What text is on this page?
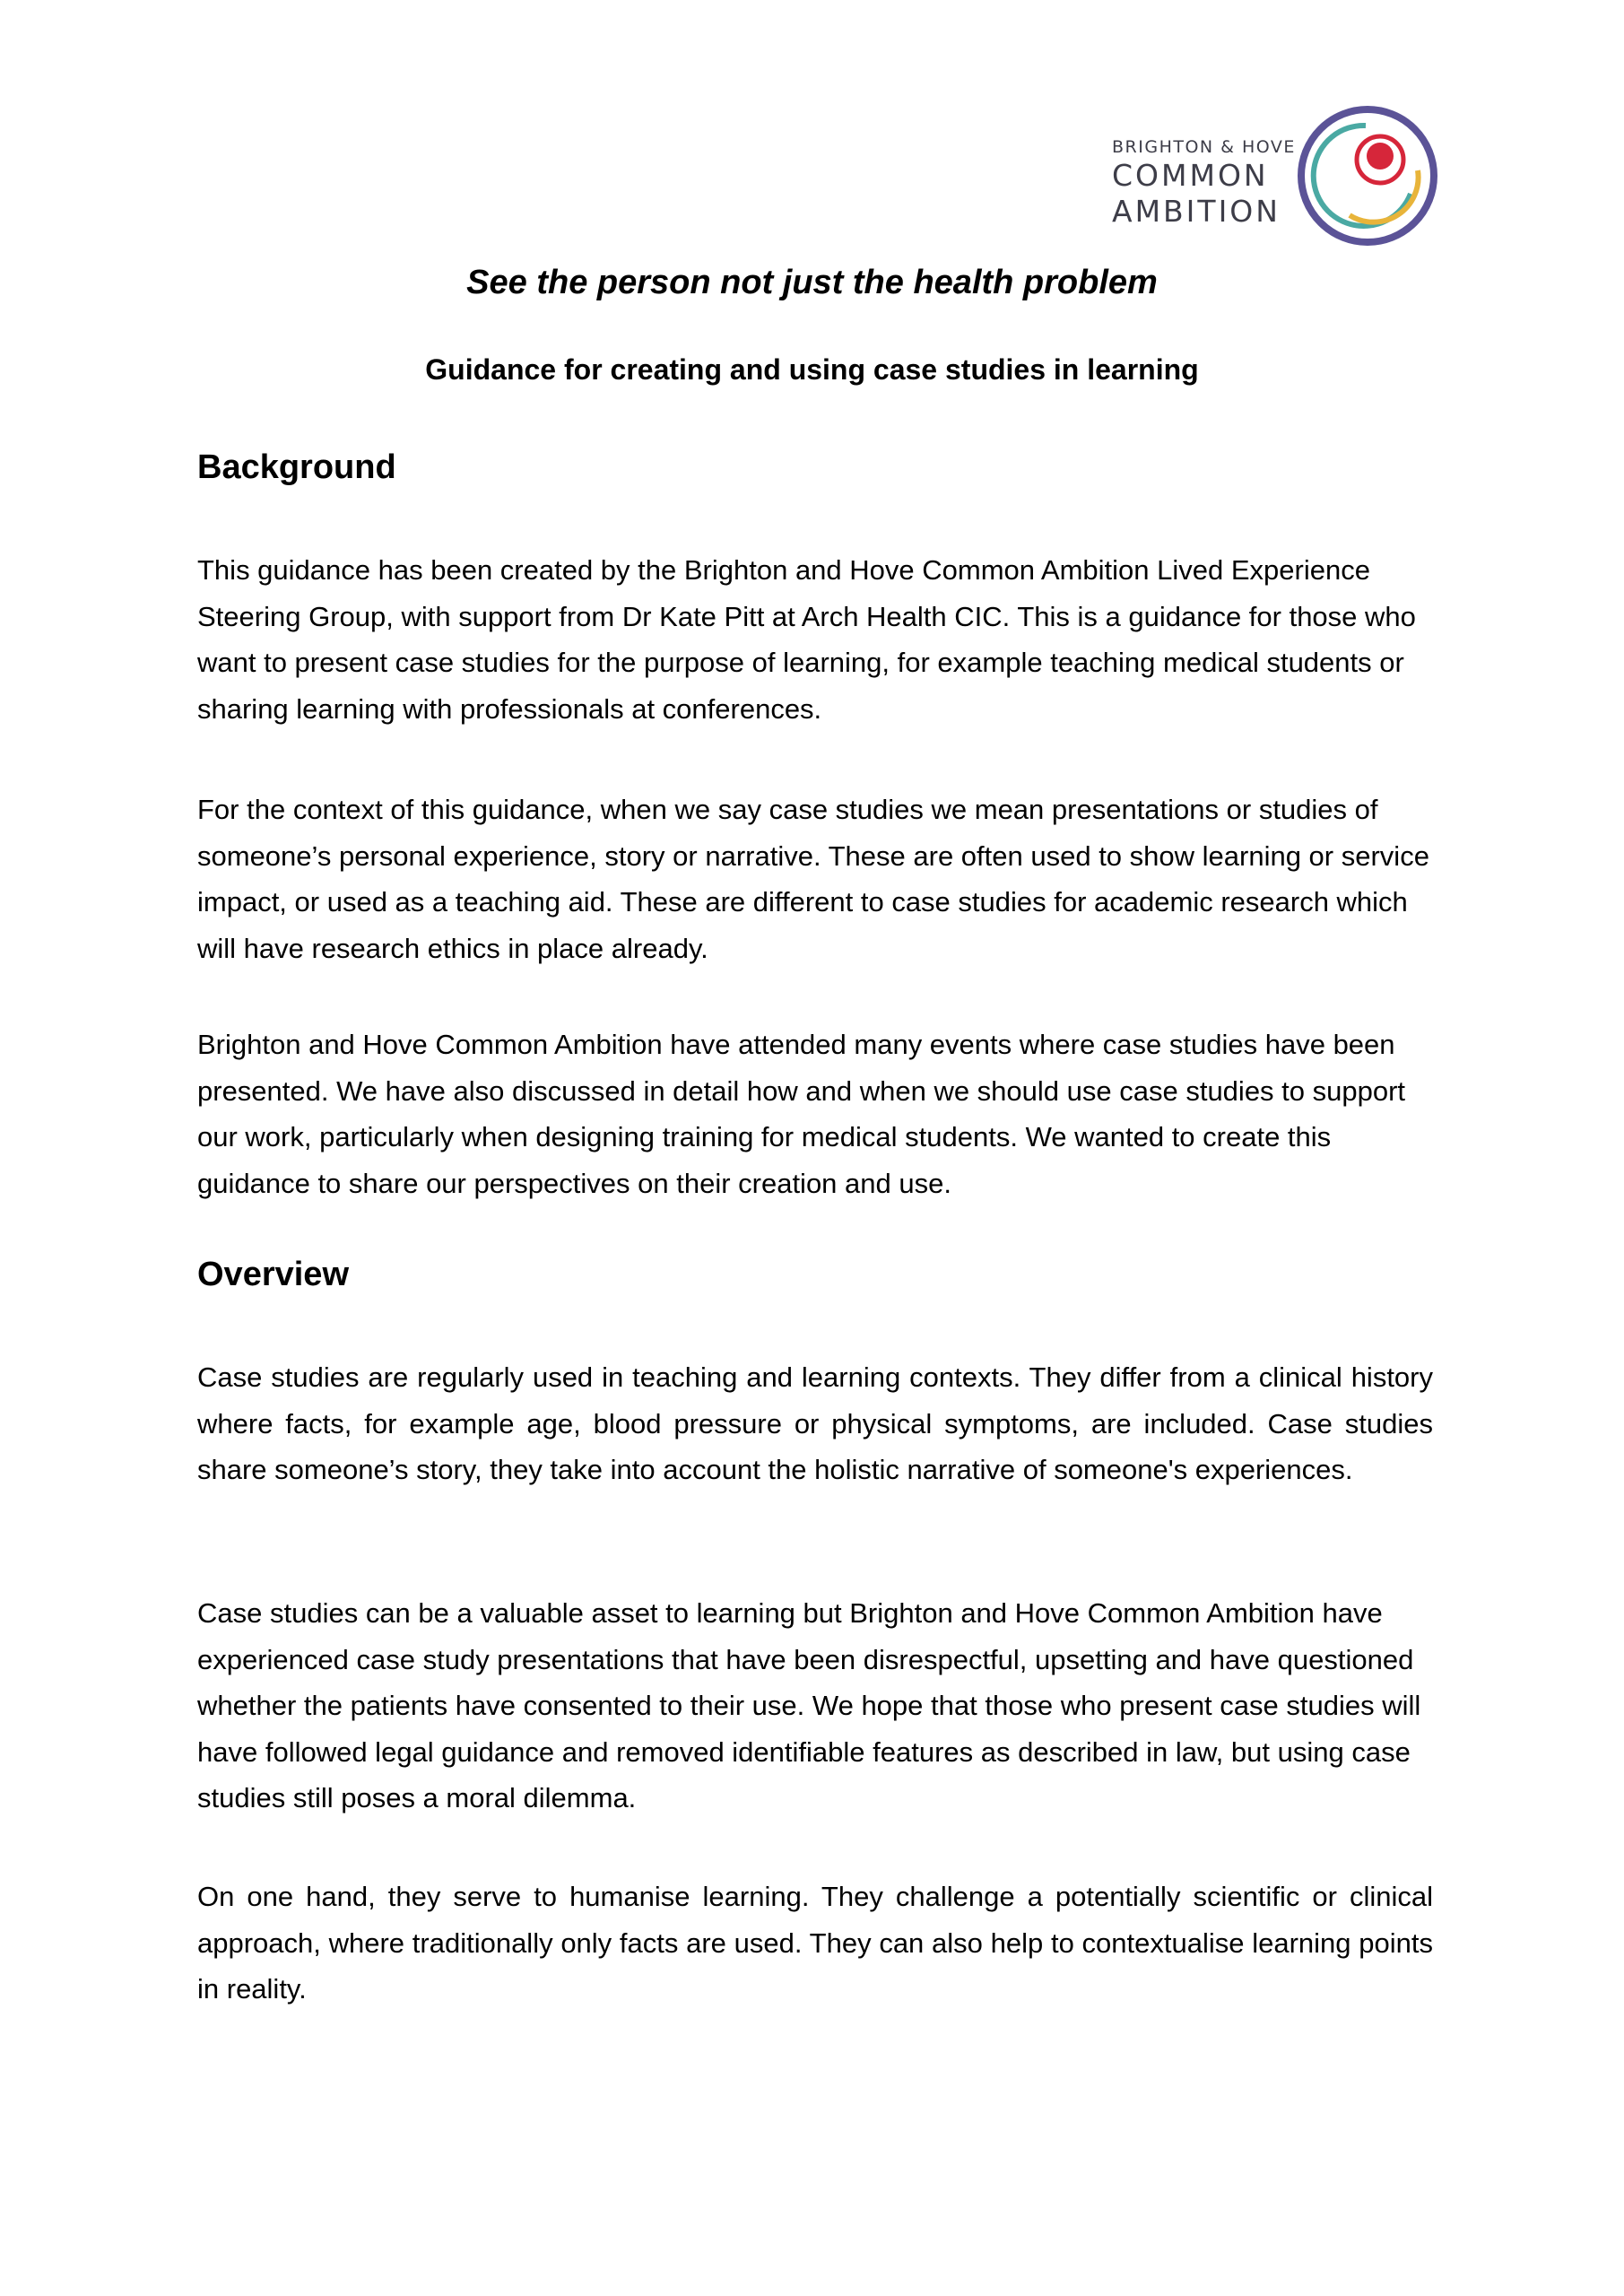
BRIGHTON & HOVE
COMMON
AMBITION
See the person not just the health problem
Guidance for creating and using case studies in learning
Background

This guidance has been created by the Brighton and Hove Common Ambition Lived Experience Steering Group, with support from Dr Kate Pitt at Arch Health CIC. This is a guidance for those who want to present case studies for the purpose of learning, for example teaching medical students or sharing learning with professionals at conferences.

For the context of this guidance, when we say case studies we mean presentations or studies of someone’s personal experience, story or narrative. These are often used to show learning or service impact, or used as a teaching aid. These are different to case studies for academic research which will have research ethics in place already.

Brighton and Hove Common Ambition have attended many events where case studies have been presented. We have also discussed in detail how and when we should use case studies to support our work, particularly when designing training for medical students. We wanted to create this guidance to share our perspectives on their creation and use.

Overview

Case studies are regularly used in teaching and learning contexts. They differ from a clinical history where facts, for example age, blood pressure or physical symptoms, are included. Case studies share someone’s story, they take into account the holistic narrative of someone's experiences.

Case studies can be a valuable asset to learning but Brighton and Hove Common Ambition have experienced case study presentations that have been disrespectful, upsetting and have questioned whether the patients have consented to their use. We hope that those who present case studies will have followed legal guidance and removed identifiable features as described in law, but using case studies still poses a moral dilemma.

On one hand, they serve to humanise learning. They challenge a potentially scientific or clinical approach, where traditionally only facts are used. They can also help to contextualise learning points in reality.
